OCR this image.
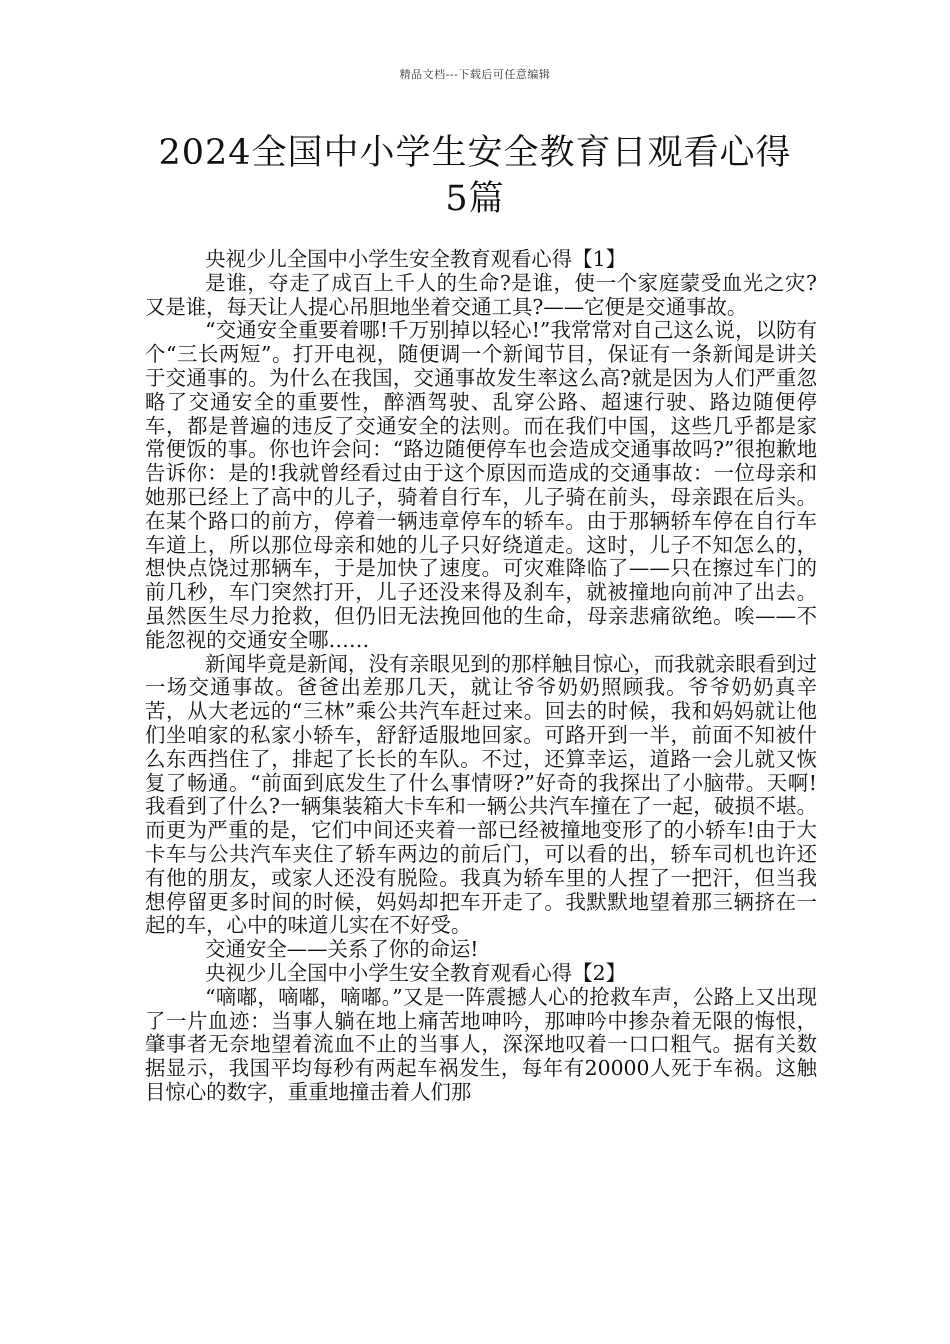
精品文档---下载后可任意编辑
2024全国中小学生安全教育日观看心得5篇

央视少儿全国中小学生安全教育观看心得【1】

是谁，夺走了成百上千人的生命?是谁，使一个家庭蒙受血光之灾?又是谁，每天让人提心吊胆地坐着交通工具?——它便是交通事故。

“交通安全重要着哪!千万别掉以轻心!”我常常对自己这么说，以防有个“三长两短”。打开电视，随便调一个新闻节目，保证有一条新闻是讲关于交通事的。为什么在我国，交通事故发生率这么高?就是因为人们严重忽略了交通安全的重要性，醉酒驾驶、乱穿公路、超速行驶、路边随便停车，都是普遍的违反了交通安全的法则。而在我们中国，这些几乎都是家常便饭的事。你也许会问：“路边随便停车也会造成交通事故吗?”很抱歉地告诉你：是的!我就曾经看过由于这个原因而造成的交通事故：一位母亲和她那已经上了高中的儿子，骑着自行车，儿子骑在前头，母亲跟在后头。在某个路口的前方，停着一辆违章停车的轿车。由于那辆轿车停在自行车车道上，所以那位母亲和她的儿子只好绕道走。这时，儿子不知怎么的，想快点饶过那辆车，于是加快了速度。可灾难降临了——只在擦过车门的前几秒，车门突然打开，儿子还没来得及刹车，就被撞地向前冲了出去。虽然医生尽力抢救，但仍旧无法挽回他的生命，母亲悲痛欲绝。唉——不能忽视的交通安全哪……

新闻毕竟是新闻，没有亲眼见到的那样触目惊心，而我就亲眼看到过一场交通事故。爸爸出差那几天，就让爷爷奶奶照顾我。爷爷奶奶真辛苦，从大老远的“三林”乘公共汽车赶过来。回去的时候，我和妈妈就让他们坐咱家的私家小轿车，舒舒适服地回家。可路开到一半，前面不知被什么东西挡住了，排起了长长的车队。不过，还算幸运，道路一会儿就又恢复了畅通。“前面到底发生了什么事情呀?”好奇的我探出了小脑带。天啊!我看到了什么?一辆集装箱大卡车和一辆公共汽车撞在了一起，破损不堪。而更为严重的是，它们中间还夹着一部已经被撞地变形了的小轿车!由于大卡车与公共汽车夹住了轿车两边的前后门，可以看的出，轿车司机也许还有他的朋友，或家人还没有脱险。我真为轿车里的人捏了一把汗，但当我想停留更多时间的时候，妈妈却把车开走了。我默默地望着那三辆挤在一起的车，心中的味道儿实在不好受。

交通安全——关系了你的命运!

央视少儿全国中小学生安全教育观看心得【2】

“嘀嘟，嘀嘟，嘀嘟。”又是一阵震撼人心的抢救车声，公路上又出现了一片血迹：当事人躺在地上痛苦地呻吟，那呻吟中掺杂着无限的悔恨，肇事者无奈地望着流血不止的当事人，深深地叹着一口口粗气。据有关数据显示，我国平均每秒有两起车祸发生，每年有20000人死于车祸。这触目惊心的数字，重重地撞击着人们那
